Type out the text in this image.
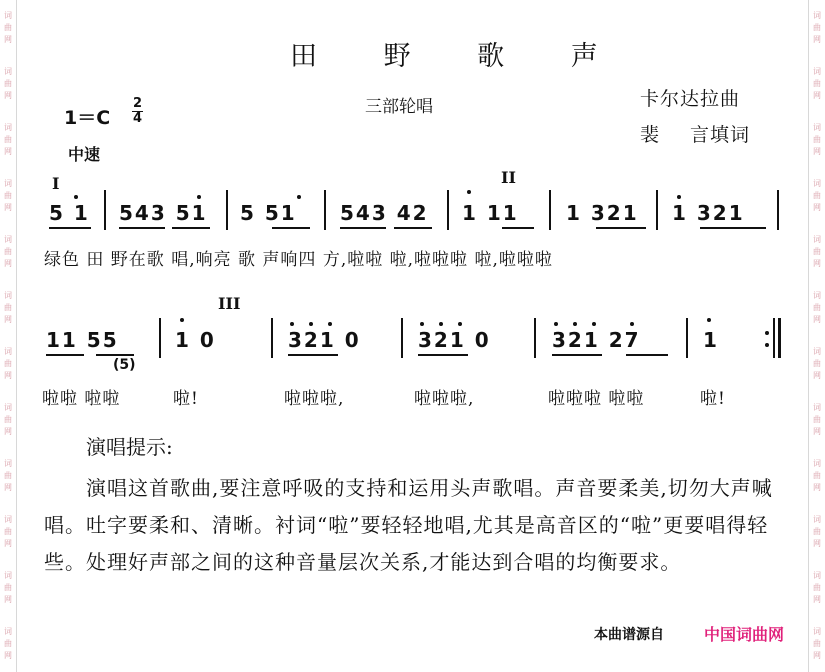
词
曲
网
词
曲
网
词
曲
网
词
曲
网
词
曲
网
词
曲
网
词
曲
网
词
曲
网
词
曲
网
词
曲
网
词
曲
网
词
曲
网
词
曲
网
词
曲
网
词
曲
网
词
曲
网
词
曲
网
词
曲
网
词
曲
网
词
曲
网
词
曲
网
词
曲
网
词
曲
网
词
曲
网
田 野 歌 声
三部轮唱	卡尔达拉曲
裴 言填词
1＝C
2
4
中速
I	II
5 1 543 51 5 51 543 42 1 11 1 321 1 321
绿色 田 野在歌 唱,响亮 歌 声响四 方,啦啦 啦,啦啦啦 啦,啦啦啦
III
11 55	1 0	321 0	321 0	321 27	1
(5)
啦啦 啦啦	啦!	啦啦啦,	啦啦啦,	啦啦啦 啦啦	啦!
演唱提示:
演唱这首歌曲,要注意呼吸的支持和运用头声歌唱。声音要柔美,切勿大声喊唱。吐字要柔和、清晰。衬词“啦”要轻轻地唱,尤其是高音区的“啦”更要唱得轻些。处理好声部之间的这种音量层次关系,才能达到合唱的均衡要求。
本曲谱源自	中国词曲网
